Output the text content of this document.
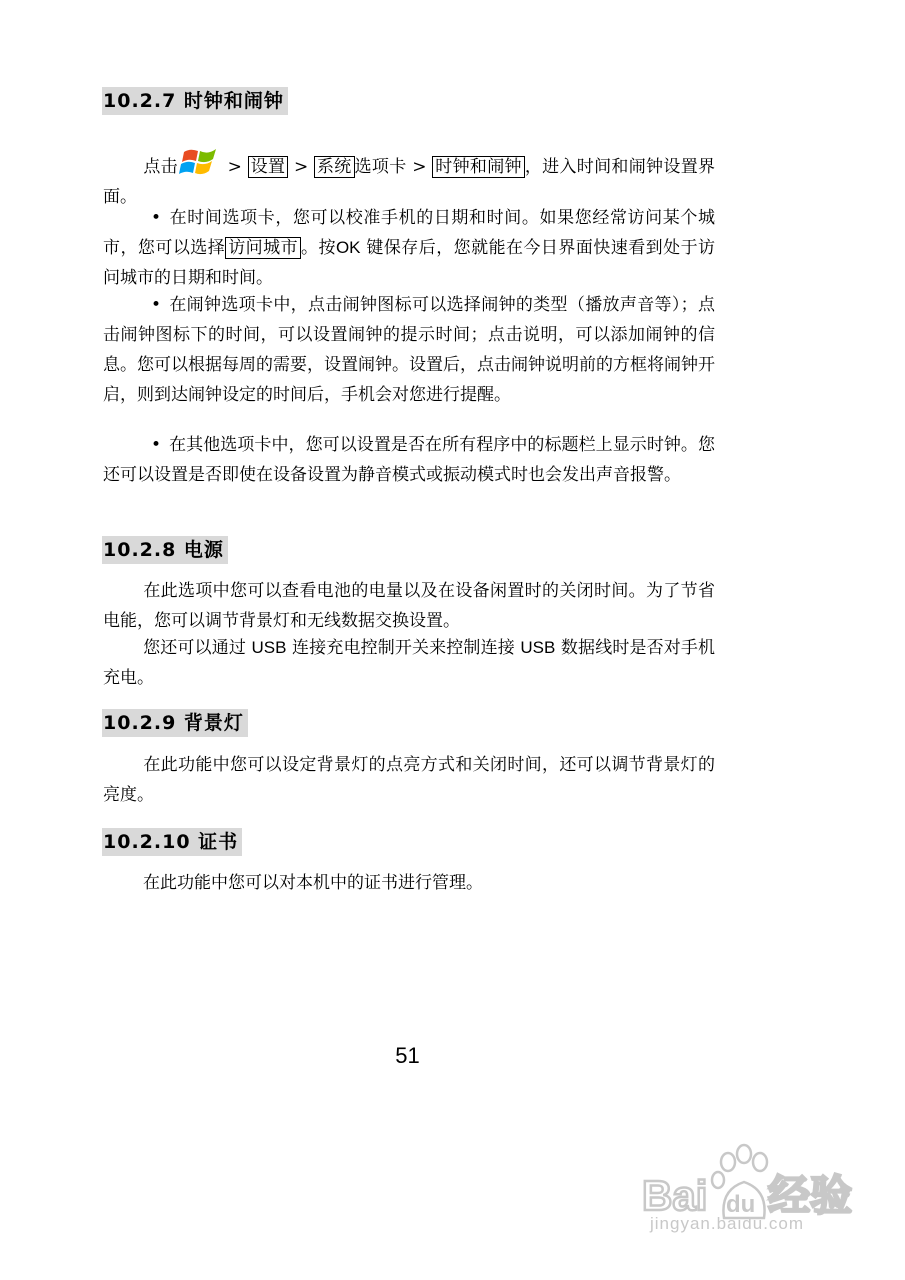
10.2.7 时钟和闹钟
点击	> 设置 > 系统 选项卡 > 时钟和闹钟 ，进入时间和闹钟设置界面。
• 在时间选项卡，您可以校准手机的日期和时间。如果您经常访问某个城市，您可以选择 访问城市 。按OK 键保存后，您就能在今日界面快速看到处于访问城市的日期和时间。
• 在闹钟选项卡中，点击闹钟图标可以选择闹钟的类型（播放声音等）；点击闹钟图标下的时间，可以设置闹钟的提示时间；点击说明，可以添加闹钟的信息。您可以根据每周的需要，设置闹钟。设置后，点击闹钟说明前的方框将闹钟开启，则到达闹钟设定的时间后，手机会对您进行提醒。
• 在其他选项卡中，您可以设置是否在所有程序中的标题栏上显示时钟。您还可以设置是否即使在设备设置为静音模式或振动模式时也会发出声音报警。
10.2.8 电源
在此选项中您可以查看电池的电量以及在设备闲置时的关闭时间。为了节省电能，您可以调节背景灯和无线数据交换设置。
您还可以通过 USB 连接充电控制开关来控制连接 USB 数据线时是否对手机充电。
10.2.9 背景灯
在此功能中您可以设定背景灯的点亮方式和关闭时间，还可以调节背景灯的亮度。
10.2.10 证书
在此功能中您可以对本机中的证书进行管理。
51
Bai 经验
du
jingyan.baidu.com
